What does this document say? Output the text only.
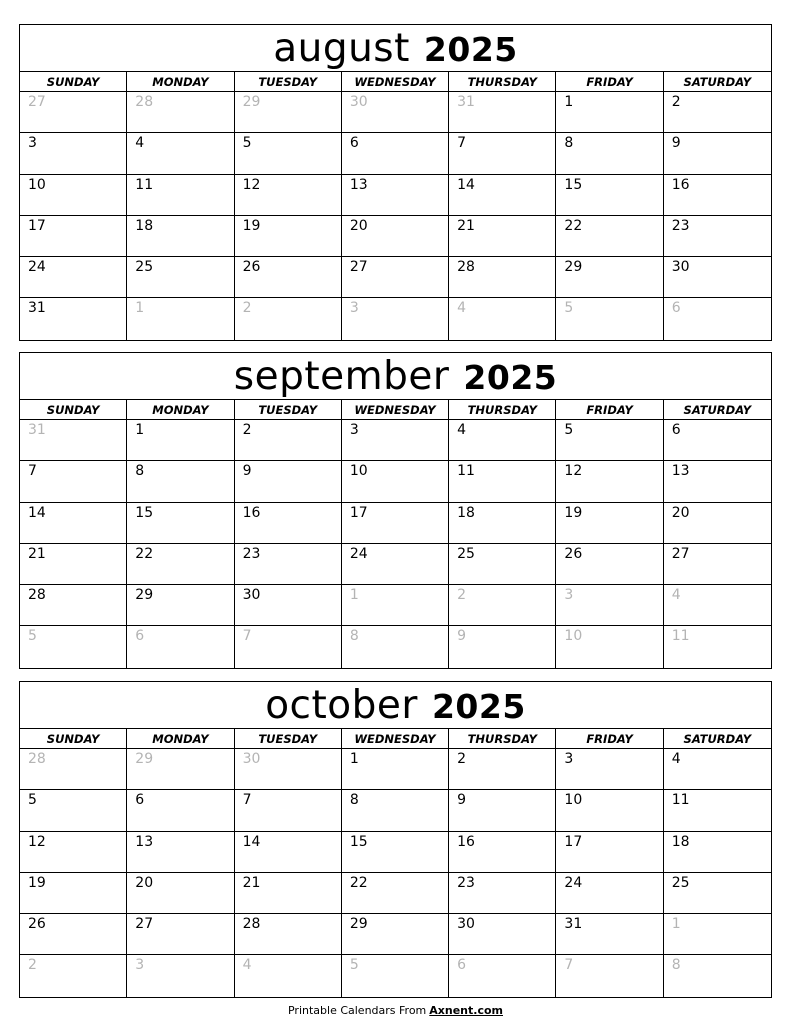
august 2025
SUNDAY	MONDAY	TUESDAY	WEDNESDAY	THURSDAY	FRIDAY	SATURDAY
27	28	29	30	31	1	2
3	4	5	6	7	8	9
10	11	12	13	14	15	16
17	18	19	20	21	22	23
24	25	26	27	28	29	30
31	1	2	3	4	5	6
september 2025
SUNDAY	MONDAY	TUESDAY	WEDNESDAY	THURSDAY	FRIDAY	SATURDAY
31	1	2	3	4	5	6
7	8	9	10	11	12	13
14	15	16	17	18	19	20
21	22	23	24	25	26	27
28	29	30	1	2	3	4
5	6	7	8	9	10	11
october 2025
SUNDAY	MONDAY	TUESDAY	WEDNESDAY	THURSDAY	FRIDAY	SATURDAY
28	29	30	1	2	3	4
5	6	7	8	9	10	11
12	13	14	15	16	17	18
19	20	21	22	23	24	25
26	27	28	29	30	31	1
2	3	4	5	6	7	8
Printable Calendars From Axnent.com
